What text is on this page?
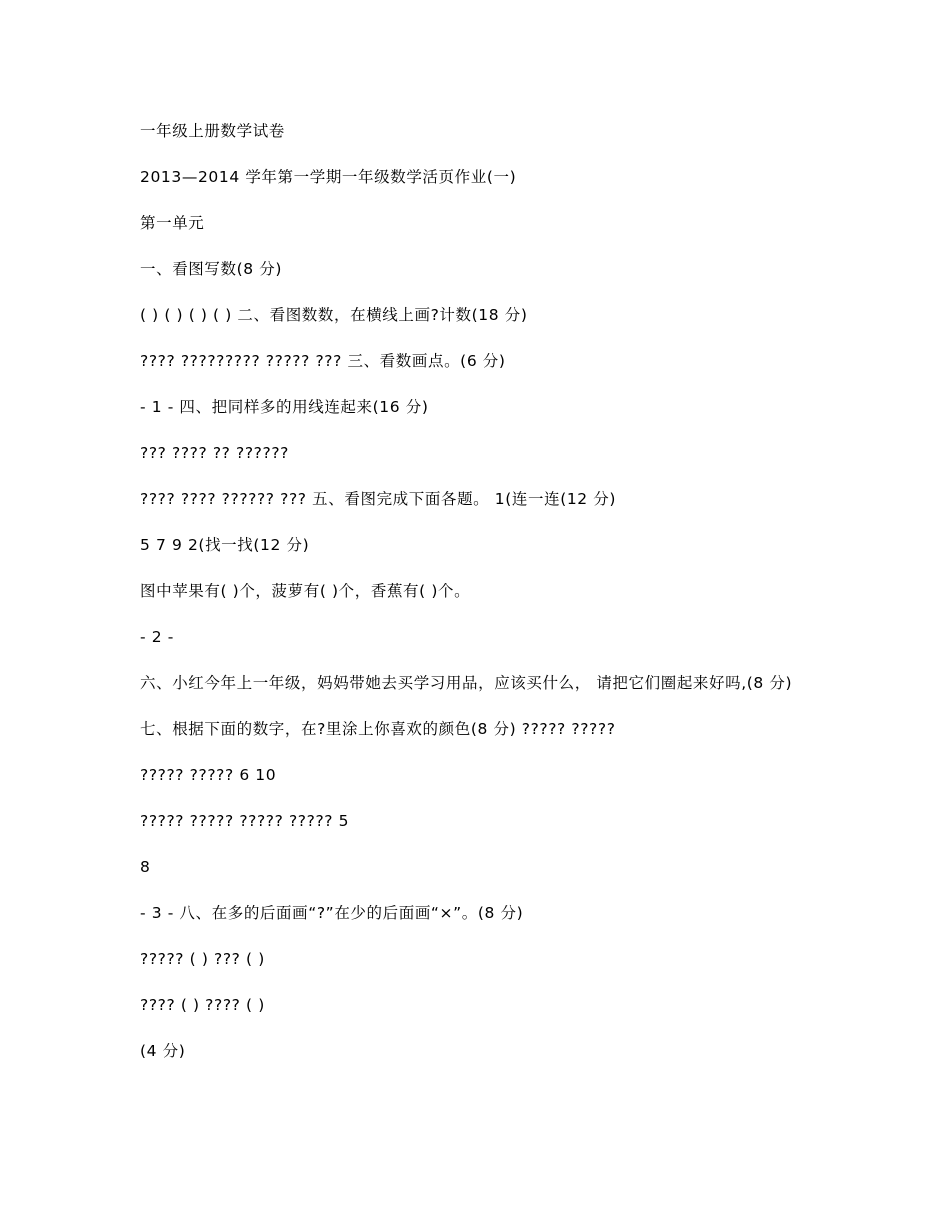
一年级上册数学试卷
2013—2014 学年第一学期一年级数学活页作业(一)
第一单元
一、看图写数(8 分)
( ) ( ) ( ) ( ) 二、看图数数，在横线上画?计数(18 分)
???? ????????? ????? ??? 三、看数画点。(6 分)
- 1 - 四、把同样多的用线连起来(16 分)
??? ???? ?? ??????
???? ???? ?????? ??? 五、看图完成下面各题。 1(连一连(12 分)
5 7 9 2(找一找(12 分)
图中苹果有( )个，菠萝有( )个，香蕉有( )个。
- 2 -
六、小红今年上一年级，妈妈带她去买学习用品，应该买什么， 请把它们圈起来好吗,(8 分)
七、根据下面的数字，在?里涂上你喜欢的颜色(8 分) ????? ?????
????? ????? 6 10
????? ????? ????? ????? 5
8
- 3 - 八、在多的后面画“?”在少的后面画“×”。(8 分)
????? ( ) ??? ( )
???? ( ) ???? ( )
(4 分)
